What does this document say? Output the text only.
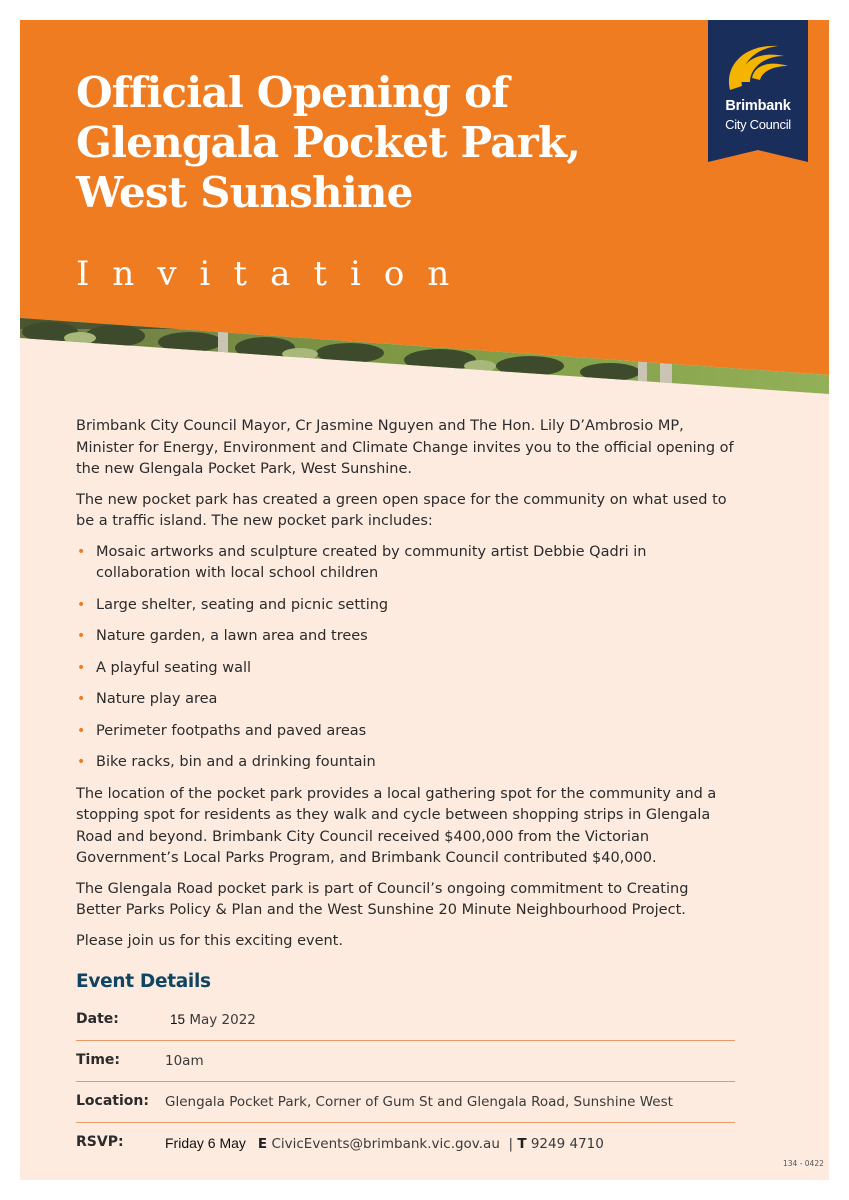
Brimbank
City Council
Official Opening of
Glengala Pocket Park,
West Sunshine
Invitation

Brimbank City Council Mayor, Cr Jasmine Nguyen and The Hon. Lily D’Ambrosio MP, Minister for Energy, Environment and Climate Change invites you to the official opening of the new Glengala Pocket Park, West Sunshine.

The new pocket park has created a green open space for the community on what used to be a traffic island. The new pocket park includes:

• Mosaic artworks and sculpture created by community artist Debbie Qadri in collaboration with local school children
• Large shelter, seating and picnic setting
• Nature garden, a lawn area and trees
• A playful seating wall
• Nature play area
• Perimeter footpaths and paved areas
• Bike racks, bin and a drinking fountain

The location of the pocket park provides a local gathering spot for the community and a stopping spot for residents as they walk and cycle between shopping strips in Glengala Road and beyond. Brimbank City Council received $400,000 from the Victorian Government’s Local Parks Program, and Brimbank Council contributed $40,000.

The Glengala Road pocket park is part of Council’s ongoing commitment to Creating Better Parks Policy & Plan and the West Sunshine 20 Minute Neighbourhood Project.

Please join us for this exciting event.

Event Details
Date:	15 May 2022
Time:	10am
Location: Glengala Pocket Park, Corner of Gum St and Glengala Road, Sunshine West
RSVP:	Friday 6 May E CivicEvents@brimbank.vic.gov.au | T 9249 4710
134 - 0422
